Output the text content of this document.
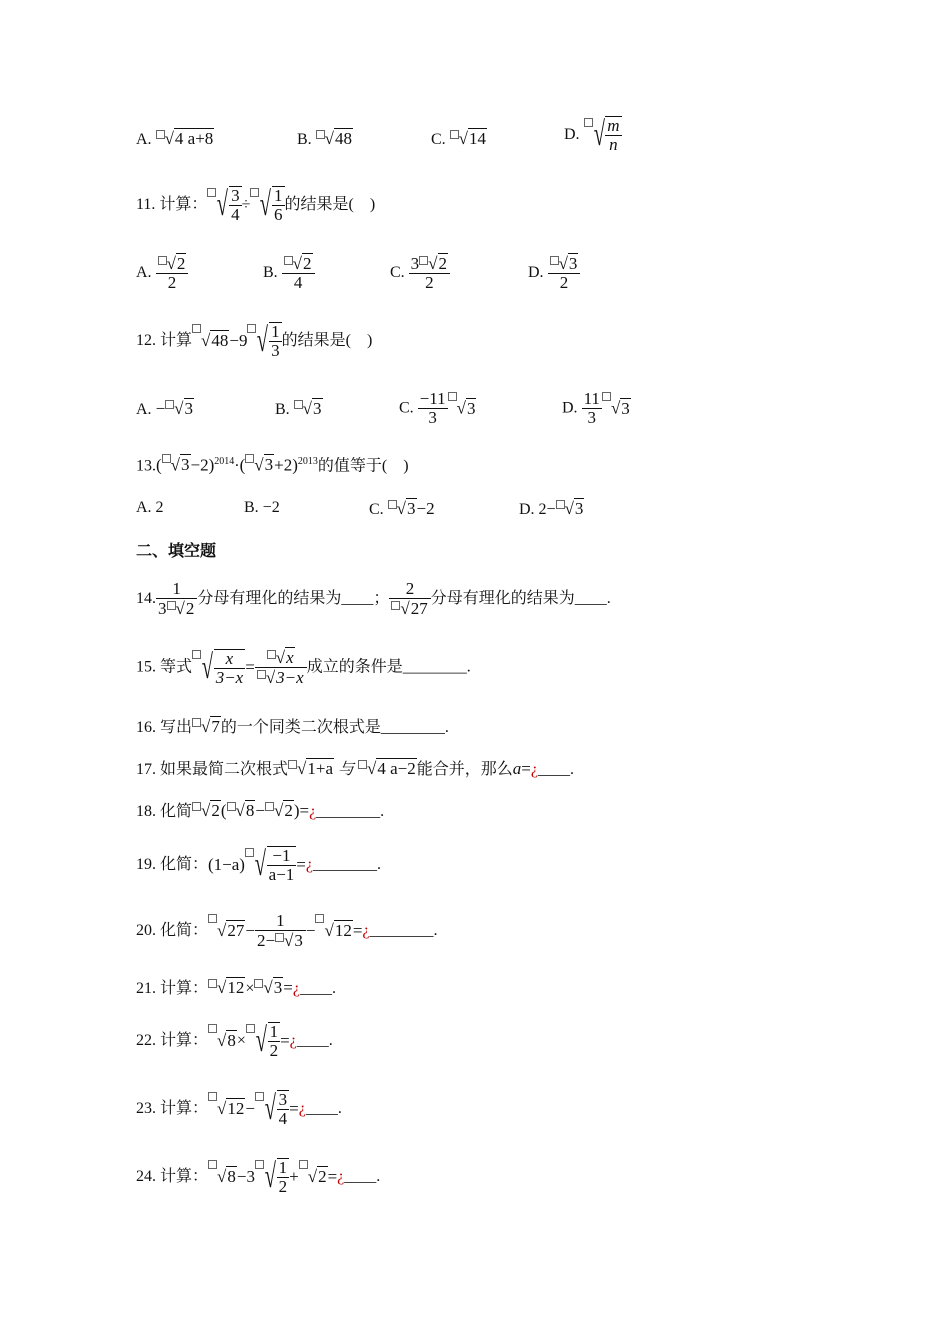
A. √4 a+8	B. √48	C. √14	D. √ $\frac{m}{n}$
11. 计算： √ $\frac{3}{4}$ ÷ √ $\frac{1}{6}$ 的结果是(　)
A. $\frac{√2}{2}$	B. $\frac{√2}{4}$	C. $\frac{3 √2}{2}$	D. $\frac{√3}{2}$
12. 计算 √48−9 √ $\frac{1}{3}$ 的结果是(　)
A. − √3	B. √3	C. $\frac{-11}{3} √3$	D. $\frac{11}{3} √3$
13.( √3−2)$^{2014}$·( √3+2)$^{2013}$的值等于(　)
A. 2	B. −2	C. √3−2	D. 2− √3
二、填空题
14. $\frac{1}{3 √2}$ 分母有理化的结果为____； $\frac{2}{√27}$ 分母有理化的结果为____.
15. 等式 √ $\frac{x}{3-x} = \frac{√x}{√3-x}$ 成立的条件是________.
16. 写出 √7的一个同类二次根式是________.
17. 如果最简二次根式 √1+a 与 √4 a−2能合并，那么a=¿____.
18. 化简 √2( √8− √2)=¿________.
19. 化简：(1−a) √ $\frac{-1}{a-1}$ =¿________.
20. 化简： $√27- \frac{1}{2- √3}$ − √12=¿________.
21. 计算： √12× √3=¿____.
22. 计算： √8× √ $\frac{1}{2}$ =¿____.
23. 计算： √12− √ $\frac{3}{4}$ =¿____.
24. 计算： √8−3 √ $\frac{1}{2}$ + √2=¿____.
